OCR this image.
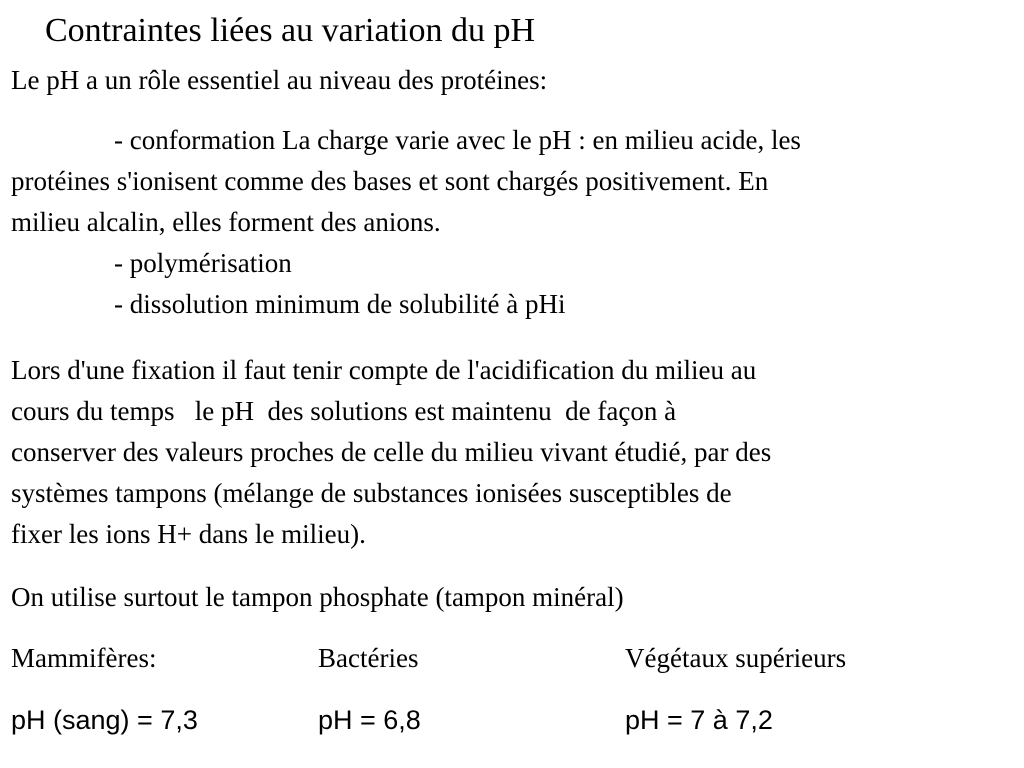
Contraintes liées au variation du pH
Le pH a un rôle essentiel au niveau des protéines:
- conformation La charge varie avec le pH : en milieu acide, les
protéines s'ionisent comme des bases et sont chargés positivement. En
milieu alcalin, elles forment des anions.
- polymérisation
- dissolution minimum de solubilité à pHi
Lors d'une fixation il faut tenir compte de l'acidification du milieu au
cours du temps   le pH  des solutions est maintenu  de façon à
conserver des valeurs proches de celle du milieu vivant étudié, par des
systèmes tampons (mélange de substances ionisées susceptibles de
fixer les ions H+ dans le milieu).
On utilise surtout le tampon phosphate (tampon minéral)
Mammifères:	Bactéries	Végétaux supérieurs
pH (sang) = 7,3	pH = 6,8	pH = 7 à 7,2
